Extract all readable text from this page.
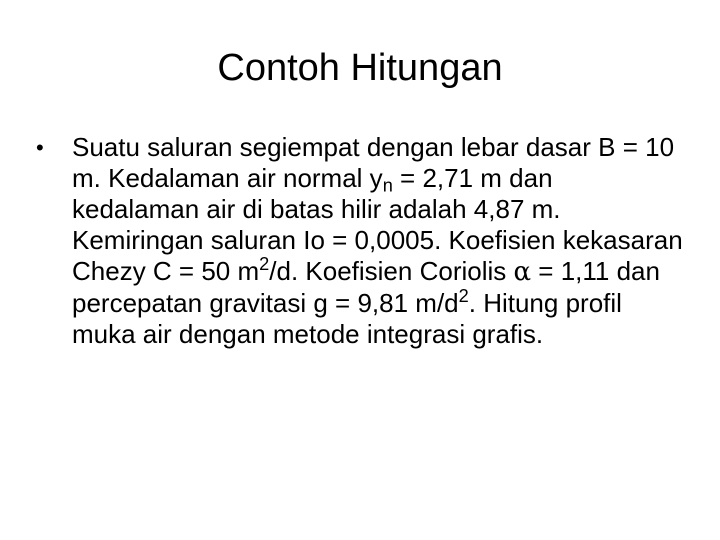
Contoh Hitungan
•	Suatu saluran segiempat dengan lebar dasar B = 10 m. Kedalaman air normal $y_n = 2,71$ m dan kedalaman air di batas hilir adalah 4,87 m. Kemiringan saluran Io = 0,0005. Koefisien kekasaran Chezy C = 50 $m^2/d$. Koefisien Coriolis α = 1,11 dan percepatan gravitasi g = 9,81 $m/d^2$. Hitung profil muka air dengan metode integrasi grafis.
